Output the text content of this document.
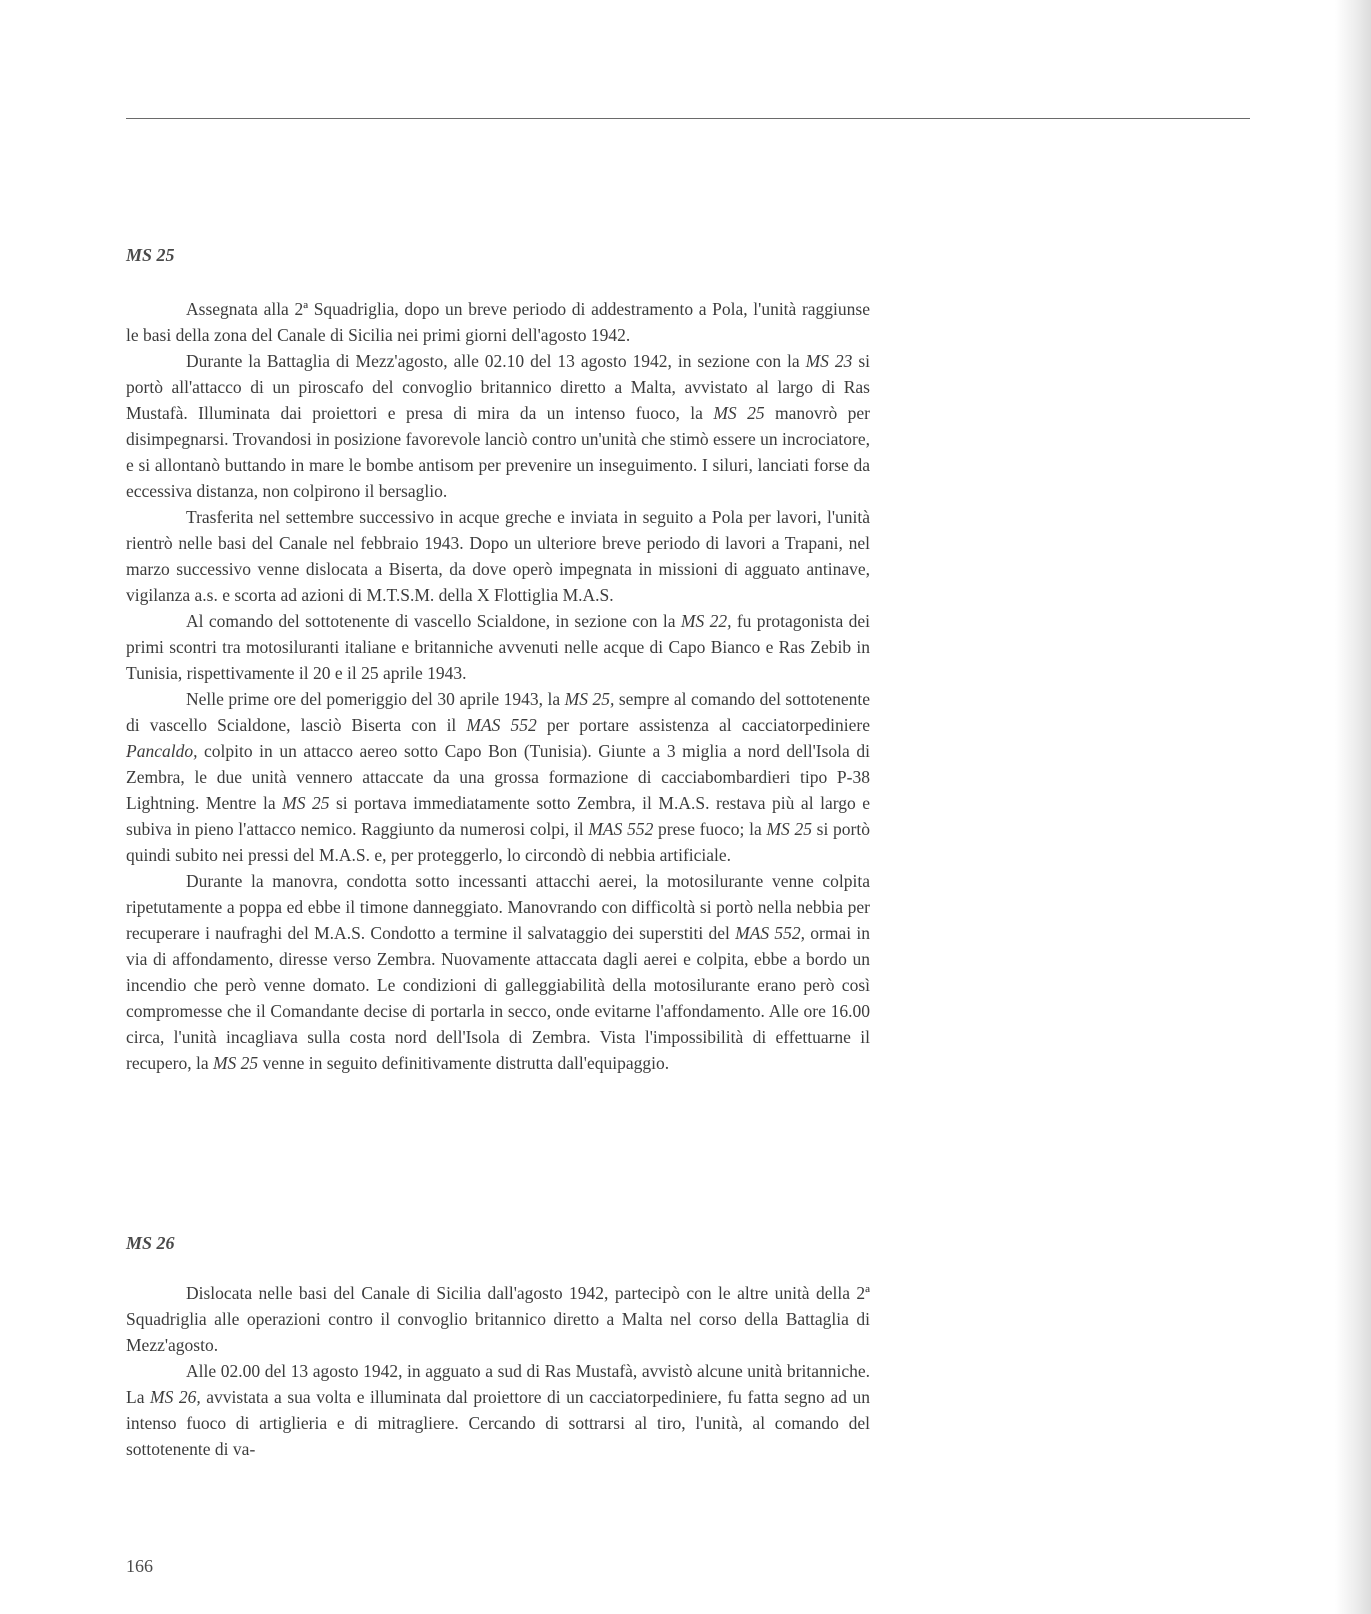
MS 25

Assegnata alla 2ª Squadriglia, dopo un breve periodo di addestramento a Pola, l'unità raggiunse le basi della zona del Canale di Sicilia nei primi giorni dell'agosto 1942.

Durante la Battaglia di Mezz'agosto, alle 02.10 del 13 agosto 1942, in sezione con la MS 23 si portò all'attacco di un piroscafo del convoglio britannico diretto a Malta, avvistato al largo di Ras Mustafà. Illuminata dai proiettori e presa di mira da un intenso fuoco, la MS 25 manovrò per disimpegnarsi. Trovandosi in posizione favorevole lanciò contro un'unità che stimò essere un incrociatore, e si allontanò buttando in mare le bombe antisom per prevenire un inseguimento. I siluri, lanciati forse da eccessiva distanza, non colpirono il bersaglio.

Trasferita nel settembre successivo in acque greche e inviata in seguito a Pola per lavori, l'unità rientrò nelle basi del Canale nel febbraio 1943. Dopo un ulteriore breve periodo di lavori a Trapani, nel marzo successivo venne dislocata a Biserta, da dove operò impegnata in missioni di agguato antinave, vigilanza a.s. e scorta ad azioni di M.T.S.M. della X Flottiglia M.A.S.

Al comando del sottotenente di vascello Scialdone, in sezione con la MS 22, fu protagonista dei primi scontri tra motosiluranti italiane e britanniche avvenuti nelle acque di Capo Bianco e Ras Zebib in Tunisia, rispettivamente il 20 e il 25 aprile 1943.

Nelle prime ore del pomeriggio del 30 aprile 1943, la MS 25, sempre al comando del sottotenente di vascello Scialdone, lasciò Biserta con il MAS 552 per portare assistenza al cacciatorpediniere Pancaldo, colpito in un attacco aereo sotto Capo Bon (Tunisia). Giunte a 3 miglia a nord dell'Isola di Zembra, le due unità vennero attaccate da una grossa formazione di cacciabombardieri tipo P-38 Lightning. Mentre la MS 25 si portava immediatamente sotto Zembra, il M.A.S. restava più al largo e subiva in pieno l'attacco nemico. Raggiunto da numerosi colpi, il MAS 552 prese fuoco; la MS 25 si portò quindi subito nei pressi del M.A.S. e, per proteggerlo, lo circondò di nebbia artificiale.

Durante la manovra, condotta sotto incessanti attacchi aerei, la motosilurante venne colpita ripetutamente a poppa ed ebbe il timone danneggiato. Manovrando con difficoltà si portò nella nebbia per recuperare i naufraghi del M.A.S. Condotto a termine il salvataggio dei superstiti del MAS 552, ormai in via di affondamento, diresse verso Zembra. Nuovamente attaccata dagli aerei e colpita, ebbe a bordo un incendio che però venne domato. Le condizioni di galleggiabilità della motosilurante erano però così compromesse che il Comandante decise di portarla in secco, onde evitarne l'affondamento. Alle ore 16.00 circa, l'unità incagliava sulla costa nord dell'Isola di Zembra. Vista l'impossibilità di effettuarne il recupero, la MS 25 venne in seguito definitivamente distrutta dall'equipaggio.

MS 26

Dislocata nelle basi del Canale di Sicilia dall'agosto 1942, partecipò con le altre unità della 2ª Squadriglia alle operazioni contro il convoglio britannico diretto a Malta nel corso della Battaglia di Mezz'agosto.

Alle 02.00 del 13 agosto 1942, in agguato a sud di Ras Mustafà, avvistò alcune unità britanniche. La MS 26, avvistata a sua volta e illuminata dal proiettore di un cacciatorpediniere, fu fatta segno ad un intenso fuoco di artiglieria e di mitragliere. Cercando di sottrarsi al tiro, l'unità, al comando del sottotenente di va-

166
